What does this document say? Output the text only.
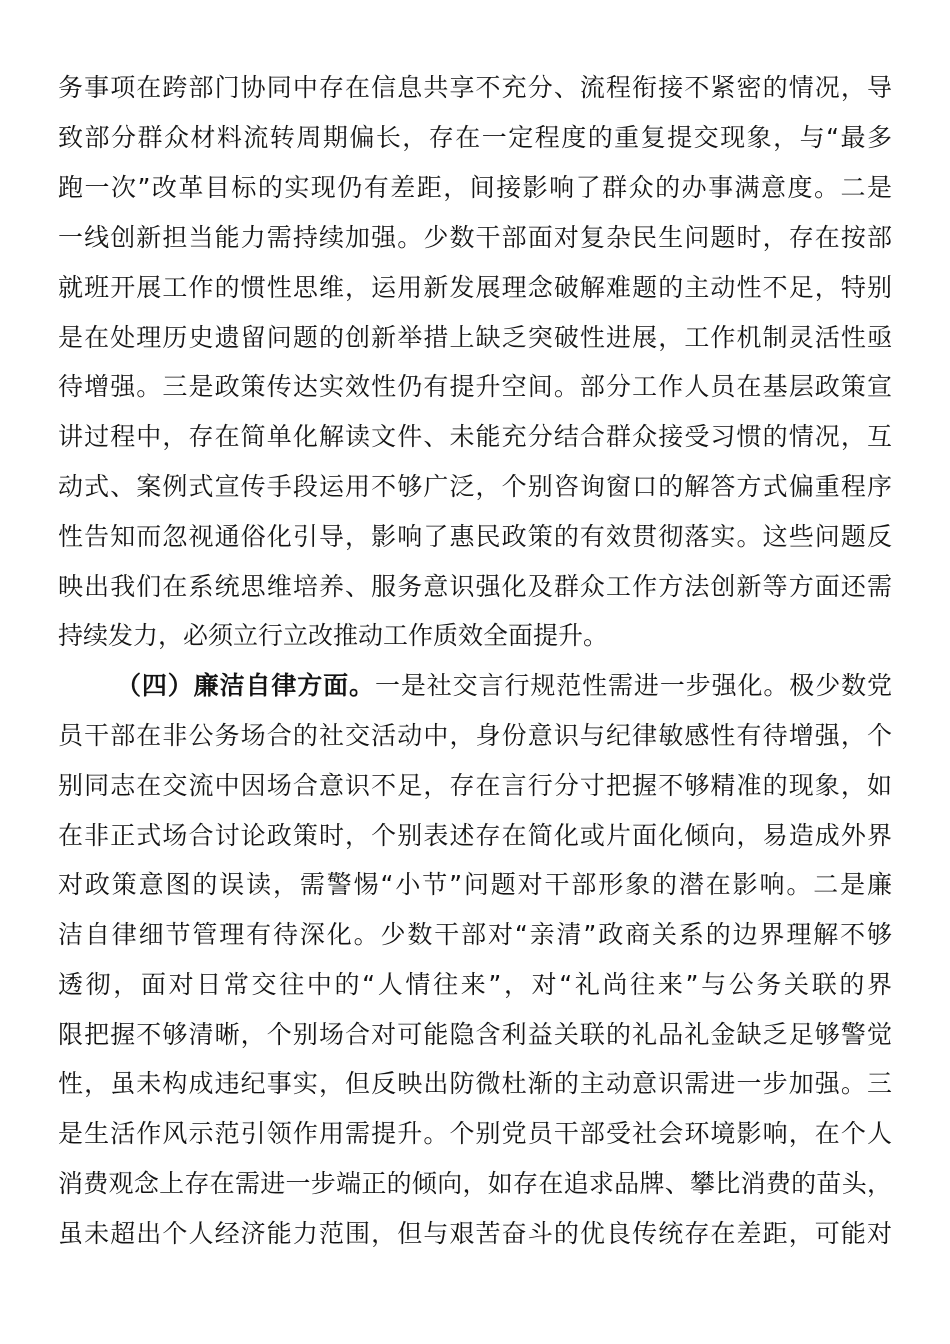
务事项在跨部门协同中存在信息共享不充分、流程衔接不紧密的情况，导
致部分群众材料流转周期偏长，存在一定程度的重复提交现象，与“最多
跑一次”改革目标的实现仍有差距，间接影响了群众的办事满意度。二是
一线创新担当能力需持续加强。少数干部面对复杂民生问题时，存在按部
就班开展工作的惯性思维，运用新发展理念破解难题的主动性不足，特别
是在处理历史遗留问题的创新举措上缺乏突破性进展，工作机制灵活性亟
待增强。三是政策传达实效性仍有提升空间。部分工作人员在基层政策宣
讲过程中，存在简单化解读文件、未能充分结合群众接受习惯的情况，互
动式、案例式宣传手段运用不够广泛，个别咨询窗口的解答方式偏重程序
性告知而忽视通俗化引导，影响了惠民政策的有效贯彻落实。这些问题反
映出我们在系统思维培养、服务意识强化及群众工作方法创新等方面还需
持续发力，必须立行立改推动工作质效全面提升。
（四）廉洁自律方面。一是社交言行规范性需进一步强化。极少数党
员干部在非公务场合的社交活动中，身份意识与纪律敏感性有待增强，个
别同志在交流中因场合意识不足，存在言行分寸把握不够精准的现象，如
在非正式场合讨论政策时，个别表述存在简化或片面化倾向，易造成外界
对政策意图的误读，需警惕“小节”问题对干部形象的潜在影响。二是廉
洁自律细节管理有待深化。少数干部对“亲清”政商关系的边界理解不够
透彻，面对日常交往中的“人情往来”，对“礼尚往来”与公务关联的界
限把握不够清晰，个别场合对可能隐含利益关联的礼品礼金缺乏足够警觉
性，虽未构成违纪事实，但反映出防微杜渐的主动意识需进一步加强。三
是生活作风示范引领作用需提升。个别党员干部受社会环境影响，在个人
消费观念上存在需进一步端正的倾向，如存在追求品牌、攀比消费的苗头，
虽未超出个人经济能力范围，但与艰苦奋斗的优良传统存在差距，可能对
